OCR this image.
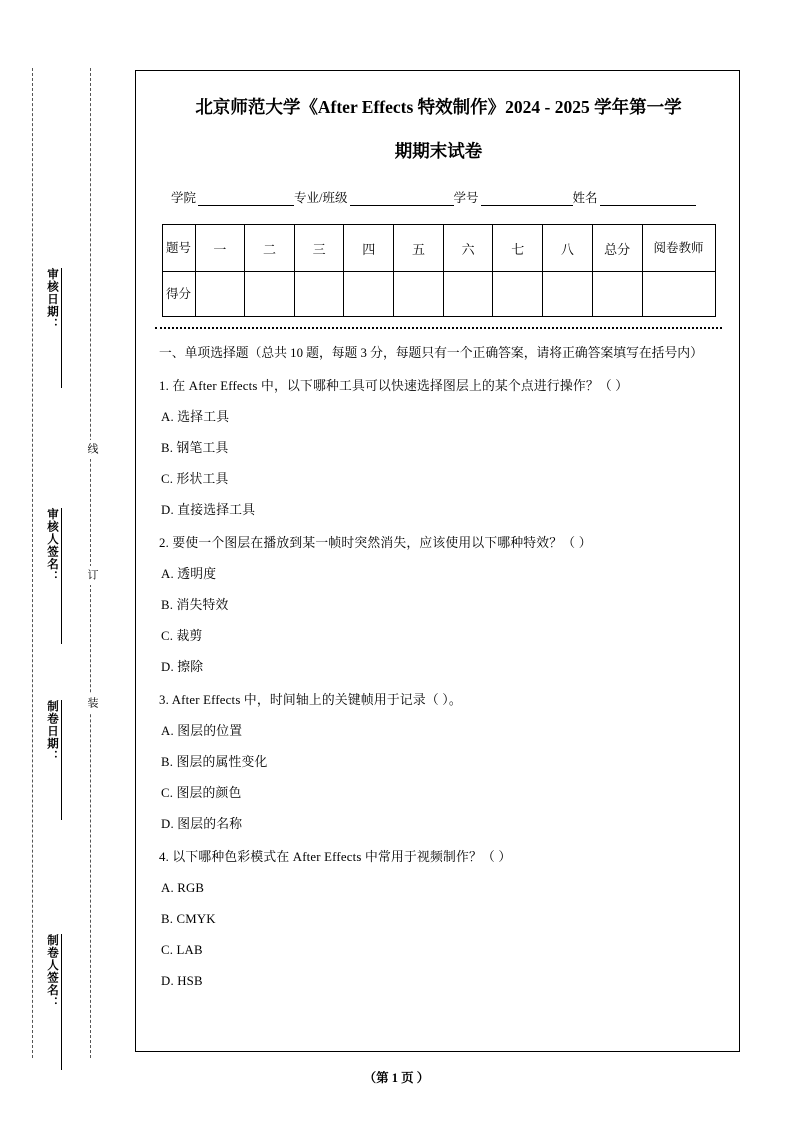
审核日期：
审核人签名：
制卷日期：
制卷人签名：
线
订
装
北京师范大学《After Effects 特效制作》2024 - 2025 学年第一学
期期末试卷
学院	专业/班级	学号	姓名
题号	一	二	三	四	五	六	七	八	总分	阅卷教师
得分										
一、单项选择题（总共 10 题，每题 3 分，每题只有一个正确答案，请将正确答案填写在括号内）
1. 在 After Effects 中，以下哪种工具可以快速选择图层上的某个点进行操作？（ ）
A. 选择工具
B. 钢笔工具
C. 形状工具
D. 直接选择工具
2. 要使一个图层在播放到某一帧时突然消失，应该使用以下哪种特效？（ ）
A. 透明度
B. 消失特效
C. 裁剪
D. 擦除
3. After Effects 中，时间轴上的关键帧用于记录（ ）。
A. 图层的位置
B. 图层的属性变化
C. 图层的颜色
D. 图层的名称
4. 以下哪种色彩模式在 After Effects 中常用于视频制作？（ ）
A. RGB
B. CMYK
C. LAB
D. HSB
（第 1 页 ）
